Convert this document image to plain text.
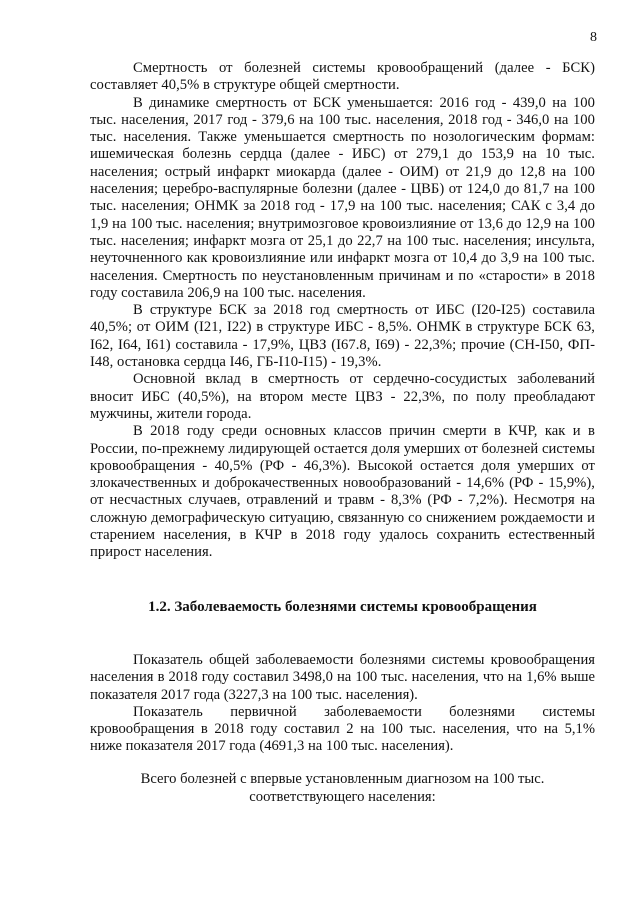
8

Смертность от болезней системы кровообращений (далее - БСК) составляет 40,5% в структуре общей смертности.

В динамике смертность от БСК уменьшается: 2016 год - 439,0 на 100 тыс. населения, 2017 год - 379,6 на 100 тыс. населения, 2018 год - 346,0 на 100 тыс. населения. Также уменьшается смертность по нозологическим формам: ишемическая болезнь сердца (далее - ИБС) от 279,1 до 153,9 на 10 тыс. населения; острый инфаркт миокарда (далее - ОИМ) от 21,9 до 12,8 на 100 населения; церебро-васпулярные болезни (далее - ЦВБ) от 124,0 до 81,7 на 100 тыс. населения; ОНМК за 2018 год - 17,9 на 100 тыс. населения; САК с 3,4 до 1,9 на 100 тыс. населения; внутримозговое кровоизлияние от 13,6 до 12,9 на 100 тыс. населения; инфаркт мозга от 25,1 до 22,7 на 100 тыс. населения; инсульта, неуточненного как кровоизлияние или инфаркт мозга от 10,4 до 3,9 на 100 тыс. населения. Смертность по неустановленным причинам и по «старости» в 2018 году составила 206,9 на 100 тыс. населения.

В структуре БСК за 2018 год смертность от ИБС (I20-I25) составила 40,5%; от ОИМ (I21, I22) в структуре ИБС - 8,5%. ОНМК в структуре БСК 63, I62, I64, I61) составила - 17,9%, ЦВЗ (I67.8, I69) - 22,3%; прочие (СН-I50, ФП-I48, остановка сердца I46, ГБ-I10-I15) - 19,3%.

Основной вклад в смертность от сердечно-сосудистых заболеваний вносит ИБС (40,5%), на втором месте ЦВЗ - 22,3%, по полу преобладают мужчины, жители города.

В 2018 году среди основных классов причин смерти в КЧР, как и в России, по-прежнему лидирующей остается доля умерших от болезней системы кровообращения - 40,5% (РФ - 46,3%). Высокой остается доля умерших от злокачественных и доброкачественных новообразований - 14,6% (РФ - 15,9%), от несчастных случаев, отравлений и травм - 8,3% (РФ - 7,2%). Несмотря на сложную демографическую ситуацию, связанную со снижением рождаемости и старением населения, в КЧР в 2018 году удалось сохранить естественный прирост населения.

1.2. Заболеваемость болезнями системы кровообращения

Показатель общей заболеваемости болезнями системы кровообращения населения в 2018 году составил 3498,0 на 100 тыс. населения, что на 1,6% выше показателя 2017 года (3227,3 на 100 тыс. населения).

Показатель первичной заболеваемости болезнями системы кровообращения в 2018 году составил 2 на 100 тыс. населения, что на 5,1% ниже показателя 2017 года (4691,3 на 100 тыс. населения).

Всего болезней с впервые установленным диагнозом на 100 тыс.
соответствующего населения:
